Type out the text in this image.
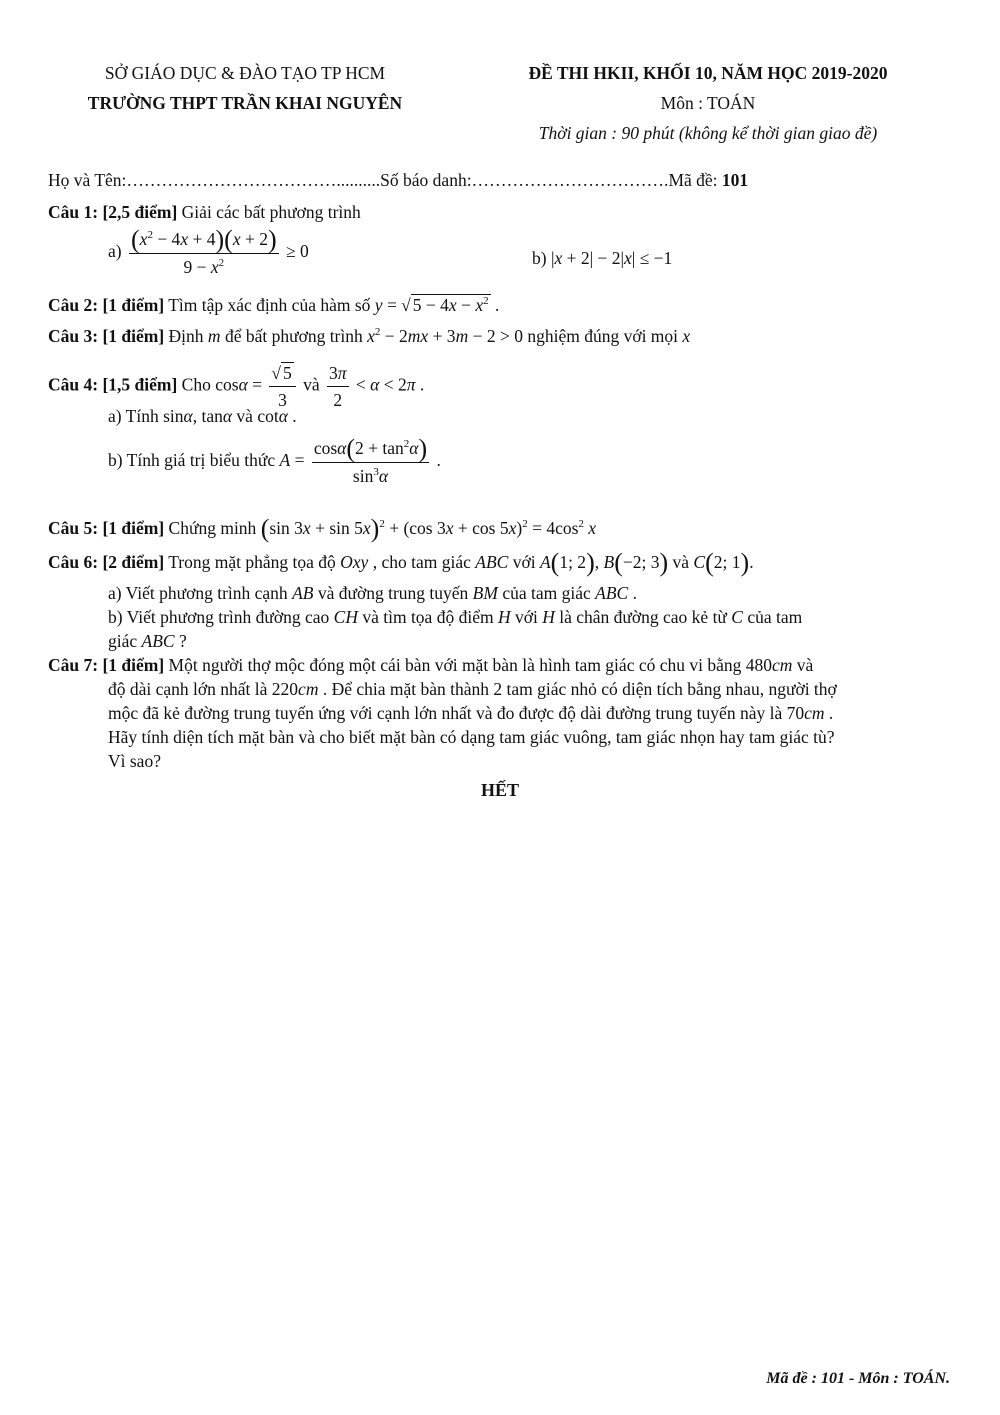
SỞ GIÁO DỤC & ĐÀO TẠO TP HCM
TRƯỜNG THPT TRẦN KHAI NGUYÊN
ĐỀ THI HKII, KHỐI 10, NĂM HỌC 2019-2020
Môn : TOÁN
Thời gian : 90 phút (không kể thời gian giao đề)
Họ và Tên:………………………………..........Số báo danh:…………………………….Mã đề: 101
Câu 1: [2,5 điểm] Giải các bất phương trình
$a) \frac{(x^2 - 4x + 4)(x + 2)}{9 - x^2} \ge 0$	b) |x + 2| − 2|x| ≤ −1
Câu 2: [1 điểm] Tìm tập xác định của hàm số y = √ $5 - 4x - x^2$ .
Câu 3: [1 điểm] Định m để bất phương trình $x^2 - 2mx + 3m - 2 > 0$ nghiệm đúng với mọi x
Câu 4: [1,5 điểm] Cho $\cos\alpha = \frac{√ 5}{3}$ và $\frac{3\pi}{2} < \alpha < 2\pi$ .
a) Tính sinα, tanα và cotα .
b) Tính giá trị biểu thức $A = \frac{\cos\alpha(2 + \tan^2\alpha)}{\sin^3\alpha}$ .
Câu 5: [1 điểm] Chứng minh (sin 3x + sin 5x)$^2$ + (cos $3x + \cos 5x)^2 = 4\cos^2$ x
Câu 6: [2 điểm] Trong mặt phẳng tọa độ Oxy , cho tam giác ABC với A(1; 2), B(−2; 3) và C(2; 1).
a) Viết phương trình cạnh AB và đường trung tuyến BM của tam giác ABC .
b) Viết phương trình đường cao CH và tìm tọa độ điểm H với H là chân đường cao kẻ từ C của tam
giác ABC ?
Câu 7: [1 điểm] Một người thợ mộc đóng một cái bàn với mặt bàn là hình tam giác có chu vi bằng 480cm và
độ dài cạnh lớn nhất là 220cm . Để chia mặt bàn thành 2 tam giác nhỏ có diện tích bằng nhau, người thợ
mộc đã kẻ đường trung tuyến ứng với cạnh lớn nhất và đo được độ dài đường trung tuyến này là 70cm .
Hãy tính diện tích mặt bàn và cho biết mặt bàn có dạng tam giác vuông, tam giác nhọn hay tam giác tù?
Vì sao?
HẾT
Mã đề : 101 - Môn : TOÁN.
